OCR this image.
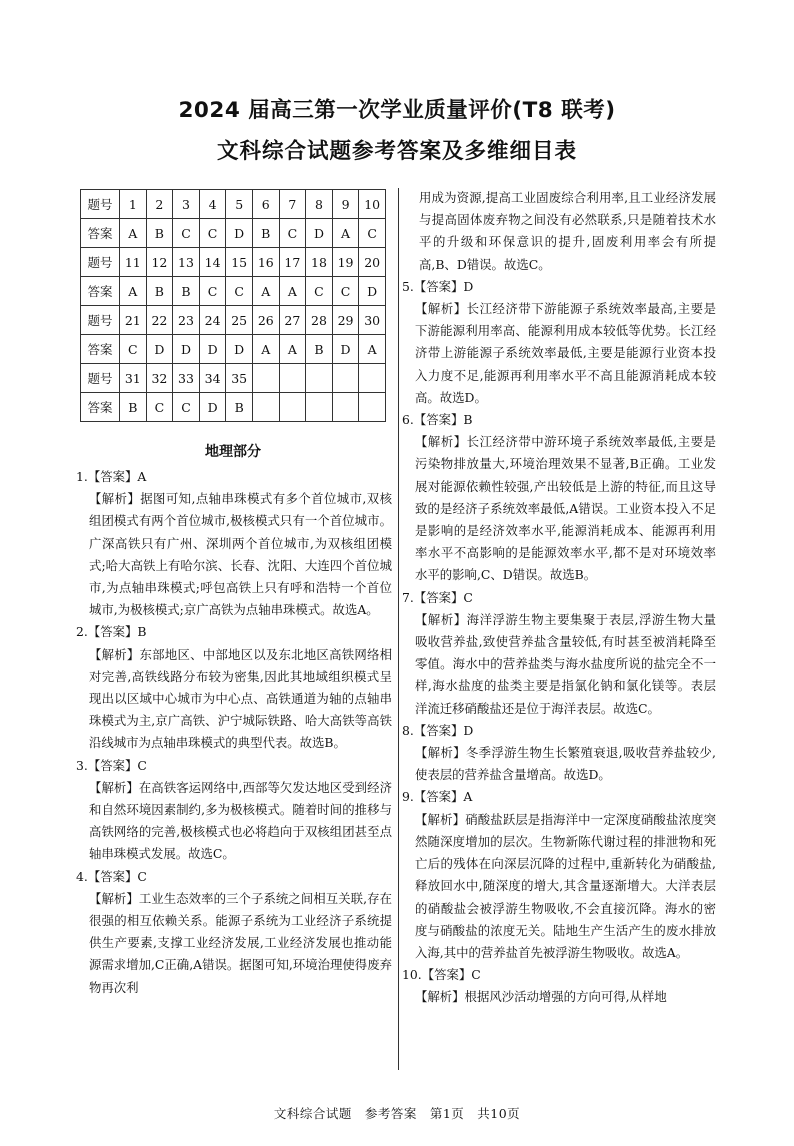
2024 届高三第一次学业质量评价(T8 联考)
文科综合试题参考答案及多维细目表
题号	1	2	3	4	5	6	7	8	9	10
答案	A	B	C	C	D	B	C	D	A	C
题号	11	12	13	14	15	16	17	18	19	20
答案	A	B	B	C	C	A	A	C	C	D
题号	21	22	23	24	25	26	27	28	29	30
答案	C	D	D	D	D	A	A	B	D	A
题号	31	32	33	34	35					
答案	B	C	C	D	B					
地理部分
1.【答案】A
【解析】据图可知,点轴串珠模式有多个首位城市,双核组团模式有两个首位城市,极核模式只有一个首位城市。广深高铁只有广州、深圳两个首位城市,为双核组团模式;哈大高铁上有哈尔滨、长春、沈阳、大连四个首位城市,为点轴串珠模式;呼包高铁上只有呼和浩特一个首位城市,为极核模式;京广高铁为点轴串珠模式。故选A。
2.【答案】B
【解析】东部地区、中部地区以及东北地区高铁网络相对完善,高铁线路分布较为密集,因此其地域组织模式呈现出以区域中心城市为中心点、高铁通道为轴的点轴串珠模式为主,京广高铁、沪宁城际铁路、哈大高铁等高铁沿线城市为点轴串珠模式的典型代表。故选B。
3.【答案】C
【解析】在高铁客运网络中,西部等欠发达地区受到经济和自然环境因素制约,多为极核模式。随着时间的推移与高铁网络的完善,极核模式也必将趋向于双核组团甚至点轴串珠模式发展。故选C。
4.【答案】C
【解析】工业生态效率的三个子系统之间相互关联,存在很强的相互依赖关系。能源子系统为工业经济子系统提供生产要素,支撑工业经济发展,工业经济发展也推动能源需求增加,C正确,A错误。据图可知,环境治理使得废弃物再次利
用成为资源,提高工业固废综合利用率,且工业经济发展与提高固体废弃物之间没有必然联系,只是随着技术水平的升级和环保意识的提升,固废利用率会有所提高,B、D错误。故选C。
5.【答案】D
【解析】长江经济带下游能源子系统效率最高,主要是下游能源利用率高、能源利用成本较低等优势。长江经济带上游能源子系统效率最低,主要是能源行业资本投入力度不足,能源再利用率水平不高且能源消耗成本较高。故选D。
6.【答案】B
【解析】长江经济带中游环境子系统效率最低,主要是污染物排放量大,环境治理效果不显著,B正确。工业发展对能源依赖性较强,产出较低是上游的特征,而且这导致的是经济子系统效率最低,A错误。工业资本投入不足是影响的是经济效率水平,能源消耗成本、能源再利用率水平不高影响的是能源效率水平,都不是对环境效率水平的影响,C、D错误。故选B。
7.【答案】C
【解析】海洋浮游生物主要集聚于表层,浮游生物大量吸收营养盐,致使营养盐含量较低,有时甚至被消耗降至零值。海水中的营养盐类与海水盐度所说的盐完全不一样,海水盐度的盐类主要是指氯化钠和氯化镁等。表层洋流迁移硝酸盐还是位于海洋表层。故选C。
8.【答案】D
【解析】冬季浮游生物生长繁殖衰退,吸收营养盐较少,使表层的营养盐含量增高。故选D。
9.【答案】A
【解析】硝酸盐跃层是指海洋中一定深度硝酸盐浓度突然随深度增加的层次。生物新陈代谢过程的排泄物和死亡后的残体在向深层沉降的过程中,重新转化为硝酸盐,释放回水中,随深度的增大,其含量逐渐增大。大洋表层的硝酸盐会被浮游生物吸收,不会直接沉降。海水的密度与硝酸盐的浓度无关。陆地生产生活产生的废水排放入海,其中的营养盐首先被浮游生物吸收。故选A。
10.【答案】C
【解析】根据风沙活动增强的方向可得,从样地
文科综合试题　参考答案　第1页　共10页
